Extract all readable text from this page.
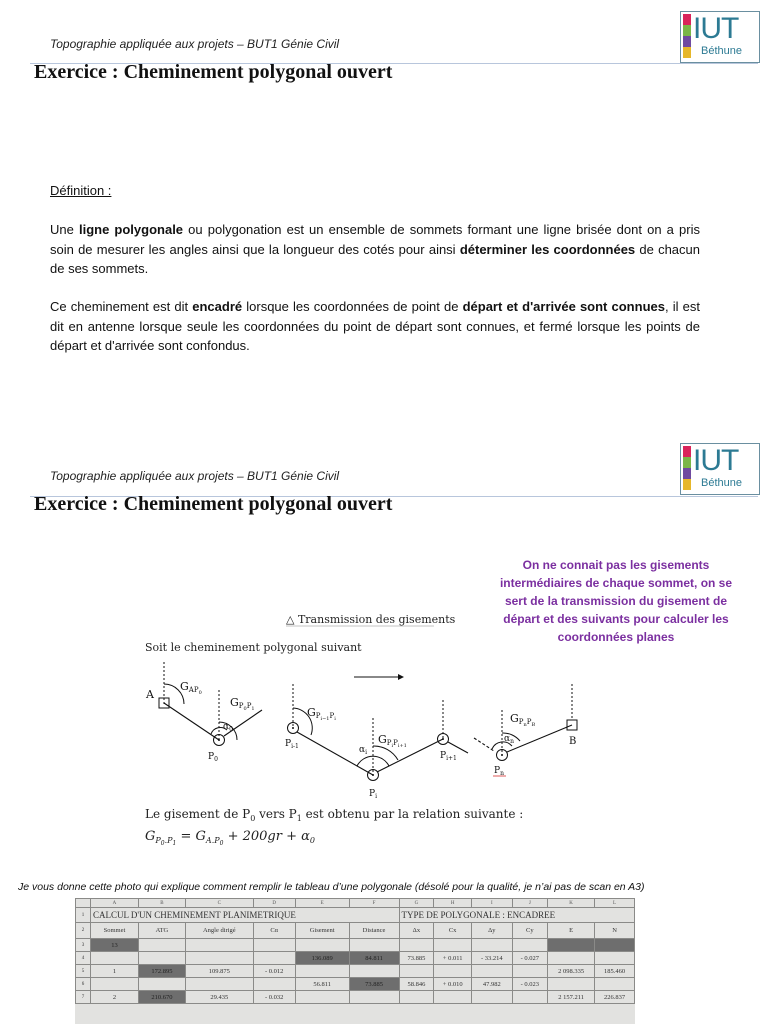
Topographie appliquée aux projets – BUT1 Génie Civil	IUT
Béthune
Exercice : Cheminement polygonal ouvert
Définition :
Une ligne polygonale ou polygonation est un ensemble de sommets formant une ligne brisée dont on a pris soin de mesurer les angles ainsi que la longueur des cotés pour ainsi déterminer les coordonnées de chacun de ses sommets.
Ce cheminement est dit encadré lorsque les coordonnées de point de départ et d'arrivée sont connues, il est dit en antenne lorsque seule les coordonnées du point de départ sont connues, et fermé lorsque les points de départ et d'arrivée sont confondus.
Topographie appliquée aux projets – BUT1 Génie Civil	IUT
Béthune
Exercice : Cheminement polygonal ouvert
On ne connait pas les gisements intermédiaires de chaque sommet, on se sert de la transmission du gisement de départ et des suivants pour calculer les coordonnées planes
△ Transmission des gisements
Soit le cheminement polygonal suivant
A
GAP0
$P_0$
$\alpha_0$
GP0P1
$P_{i-1}$
GPi−1Pi
$P_i$
$\alpha_i$
GPiPi+1
$P_{i+1}$
$P_n$
$\alpha_n$
GPnPB
B
Le gisement de $P_0$ vers $P_1$ est obtenu par la relation suivante :
$G_P0.P1 = G_{A.P}0 + 200gr + \alpha_0$
Je vous donne cette photo qui explique comment remplir le tableau d’une polygonale (désolé pour la qualité, je n’ai pas de scan en A3)
	A	B	C	D	E	F	G	H	I	J	K	L
1	CALCUL D'UN CHEMINEMENT PLANIMETRIQUE						TYPE DE POLYGONALE : ENCADREE					
2	Sommet	ATG	Angle dirigé	Cα	Gisement	Distance	Δx	Cx	Δy	Cy	E	N
3	13											
4					136.089	84.811	73.885	+ 0.011	- 33.214	- 0.027		
5	1	172.895	109.875	- 0.012							2 098.335	185.460
6					56.811	73.885	58.846	+ 0.010	47.982	- 0.023		
7	2	210.670	29.435	- 0.032							2 157.211	226.837
